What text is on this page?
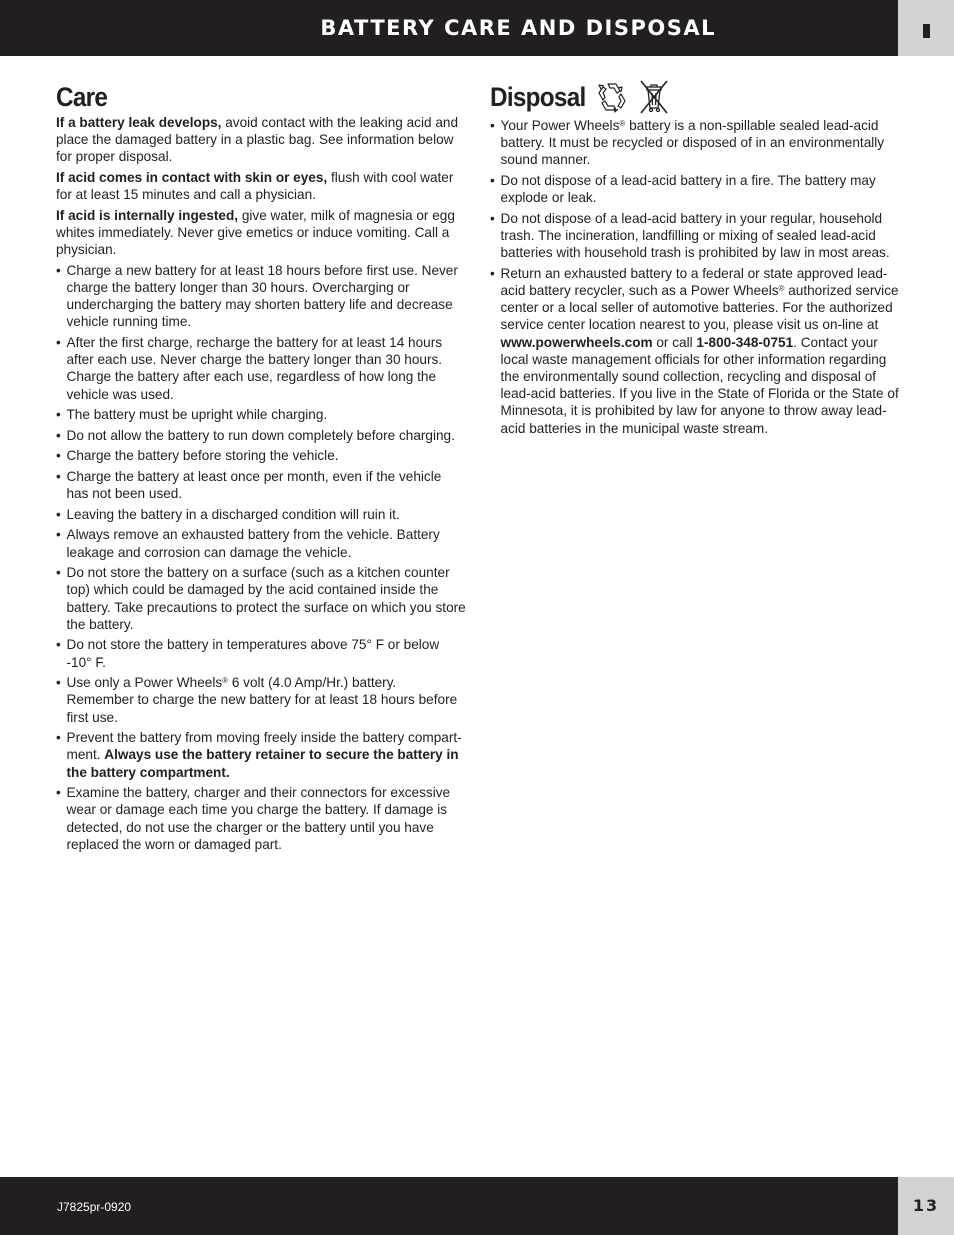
BATTERY CARE AND DISPOSAL
Care

If a battery leak develops, avoid contact with the leaking acid and place the damaged battery in a plastic bag. See information below for proper disposal.

If acid comes in contact with skin or eyes, flush with cool water for at least 15 minutes and call a physician.

If acid is internally ingested, give water, milk of magnesia or egg whites immediately. Never give emetics or induce vomiting. Call a physician.

• Charge a new battery for at least 18 hours before first use. Never charge the battery longer than 30 hours. Overcharging or undercharging the battery may shorten battery life and decrease vehicle running time.
• After the first charge, recharge the battery for at least 14 hours after each use. Never charge the battery longer than 30 hours. Charge the battery after each use, regardless of how long the vehicle was used.
• The battery must be upright while charging.
• Do not allow the battery to run down completely before charging.
• Charge the battery before storing the vehicle.
• Charge the battery at least once per month, even if the vehicle has not been used.
• Leaving the battery in a discharged condition will ruin it.
• Always remove an exhausted battery from the vehicle. Battery leakage and corrosion can damage the vehicle.
• Do not store the battery on a surface (such as a kitchen counter top) which could be damaged by the acid contained inside the battery. Take precautions to protect the surface on which you store the battery.
• Do not store the battery in temperatures above 75° F or below -10° F.
• Use only a Power Wheels® 6 volt (4.0 Amp/Hr.) battery. Remember to charge the new battery for at least 18 hours before first use.
• Prevent the battery from moving freely inside the battery compart-ment. Always use the battery retainer to secure the battery in the battery compartment.
• Examine the battery, charger and their connectors for excessive wear or damage each time you charge the battery. If damage is detected, do not use the charger or the battery until you have replaced the worn or damaged part.
Disposal
• Your Power Wheels® battery is a non-spillable sealed lead-acid battery. It must be recycled or disposed of in an environmentally sound manner.
• Do not dispose of a lead-acid battery in a fire. The battery may explode or leak.
• Do not dispose of a lead-acid battery in your regular, household trash. The incineration, landfilling or mixing of sealed lead-acid batteries with household trash is prohibited by law in most areas.
• Return an exhausted battery to a federal or state approved lead-acid battery recycler, such as a Power Wheels® authorized service center or a local seller of automotive batteries. For the authorized service center location nearest to you, please visit us on-line at www.powerwheels.com or call 1-800-348-0751. Contact your local waste management officials for other information regarding the environmentally sound collection, recycling and disposal of lead-acid batteries. If you live in the State of Florida or the State of Minnesota, it is prohibited by law for anyone to throw away lead-acid batteries in the municipal waste stream.
J7825pr-0920	13
